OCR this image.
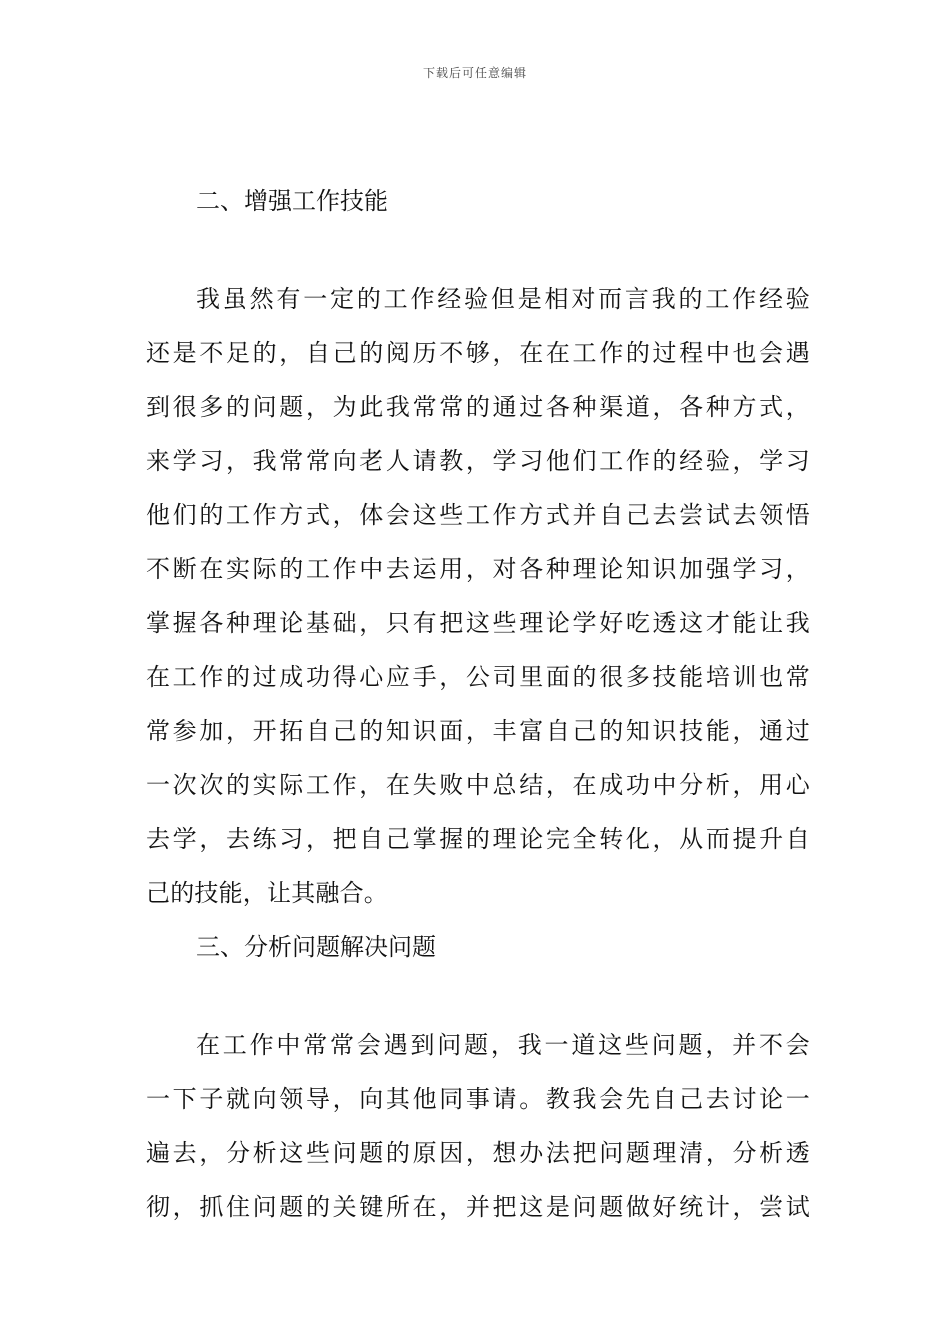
下载后可任意编辑
二、增强工作技能
我虽然有一定的工作经验但是相对而言我的工作经验
还是不足的，自己的阅历不够，在在工作的过程中也会遇
到很多的问题，为此我常常的通过各种渠道，各种方式，
来学习，我常常向老人请教，学习他们工作的经验，学习
他们的工作方式，体会这些工作方式并自己去尝试去领悟
不断在实际的工作中去运用，对各种理论知识加强学习，
掌握各种理论基础，只有把这些理论学好吃透这才能让我
在工作的过成功得心应手，公司里面的很多技能培训也常
常参加，开拓自己的知识面，丰富自己的知识技能，通过
一次次的实际工作，在失败中总结，在成功中分析，用心
去学，去练习，把自己掌握的理论完全转化，从而提升自
己的技能，让其融合。
三、分析问题解决问题
在工作中常常会遇到问题，我一道这些问题，并不会
一下子就向领导，向其他同事请。教我会先自己去讨论一
遍去，分析这些问题的原因，想办法把问题理清，分析透
彻，抓住问题的关键所在，并把这是问题做好统计，尝试
